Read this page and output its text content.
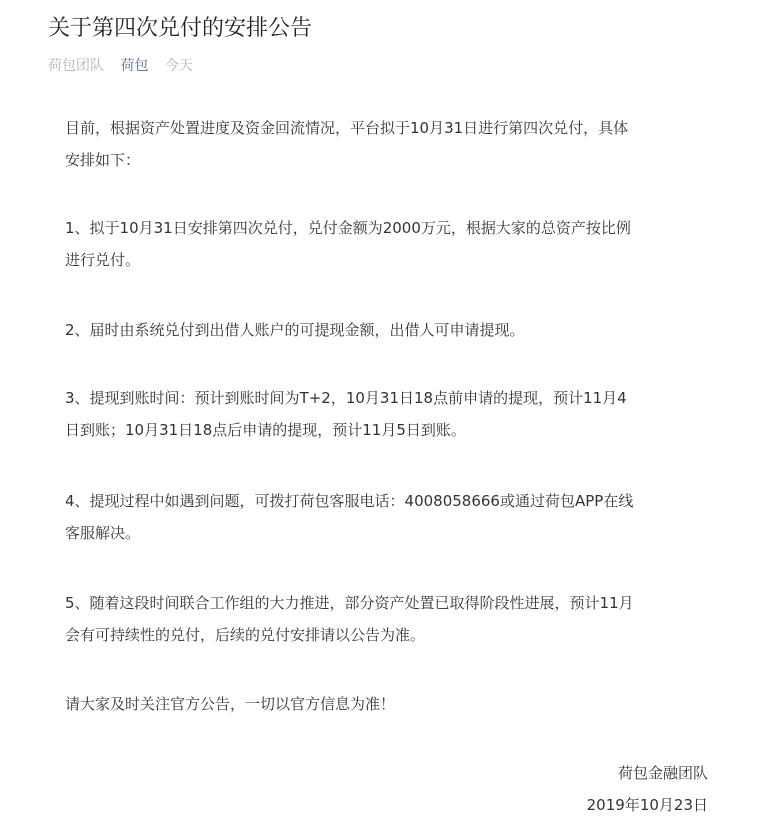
关于第四次兑付的安排公告
荷包团队 荷包 今天

目前，根据资产处置进度及资金回流情况，平台拟于10月31日进行第四次兑付，具体
安排如下：

1、拟于10月31日安排第四次兑付，兑付金额为2000万元，根据大家的总资产按比例
进行兑付。

2、届时由系统兑付到出借人账户的可提现金额，出借人可申请提现。

3、提现到账时间：预计到账时间为T+2，10月31日18点前申请的提现，预计11月4
日到账；10月31日18点后申请的提现，预计11月5日到账。

4、提现过程中如遇到问题，可拨打荷包客服电话：4008058666或通过荷包APP在线
客服解决。

5、随着这段时间联合工作组的大力推进，部分资产处置已取得阶段性进展，预计11月
会有可持续性的兑付，后续的兑付安排请以公告为准。

请大家及时关注官方公告，一切以官方信息为准！

荷包金融团队
2019年10月23日
